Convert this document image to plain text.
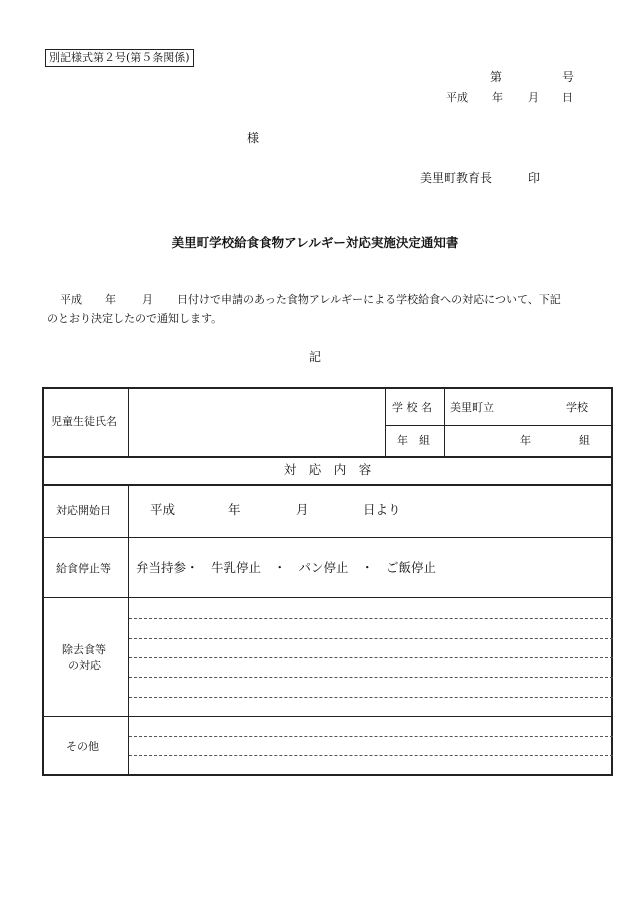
別記様式第２号(第５条関係)
第	号
平成 年 月 日
様
美里町教育長	印
美里町学校給食食物アレルギー対応実施決定通知書
平成 年 月 日付けで申請のあった食物アレルギーによる学校給食への対応について、下記
のとおり決定したので通知します。
記
児童生徒氏名
学 校 名 美里町立	学校
年　組	年	組
対　応　内　容
対応開始日	平成	年	月	日より
給食停止等 弁当持参・　牛乳停止　・　パン停止　・　ご飯停止
除去食等
の対応
その他
